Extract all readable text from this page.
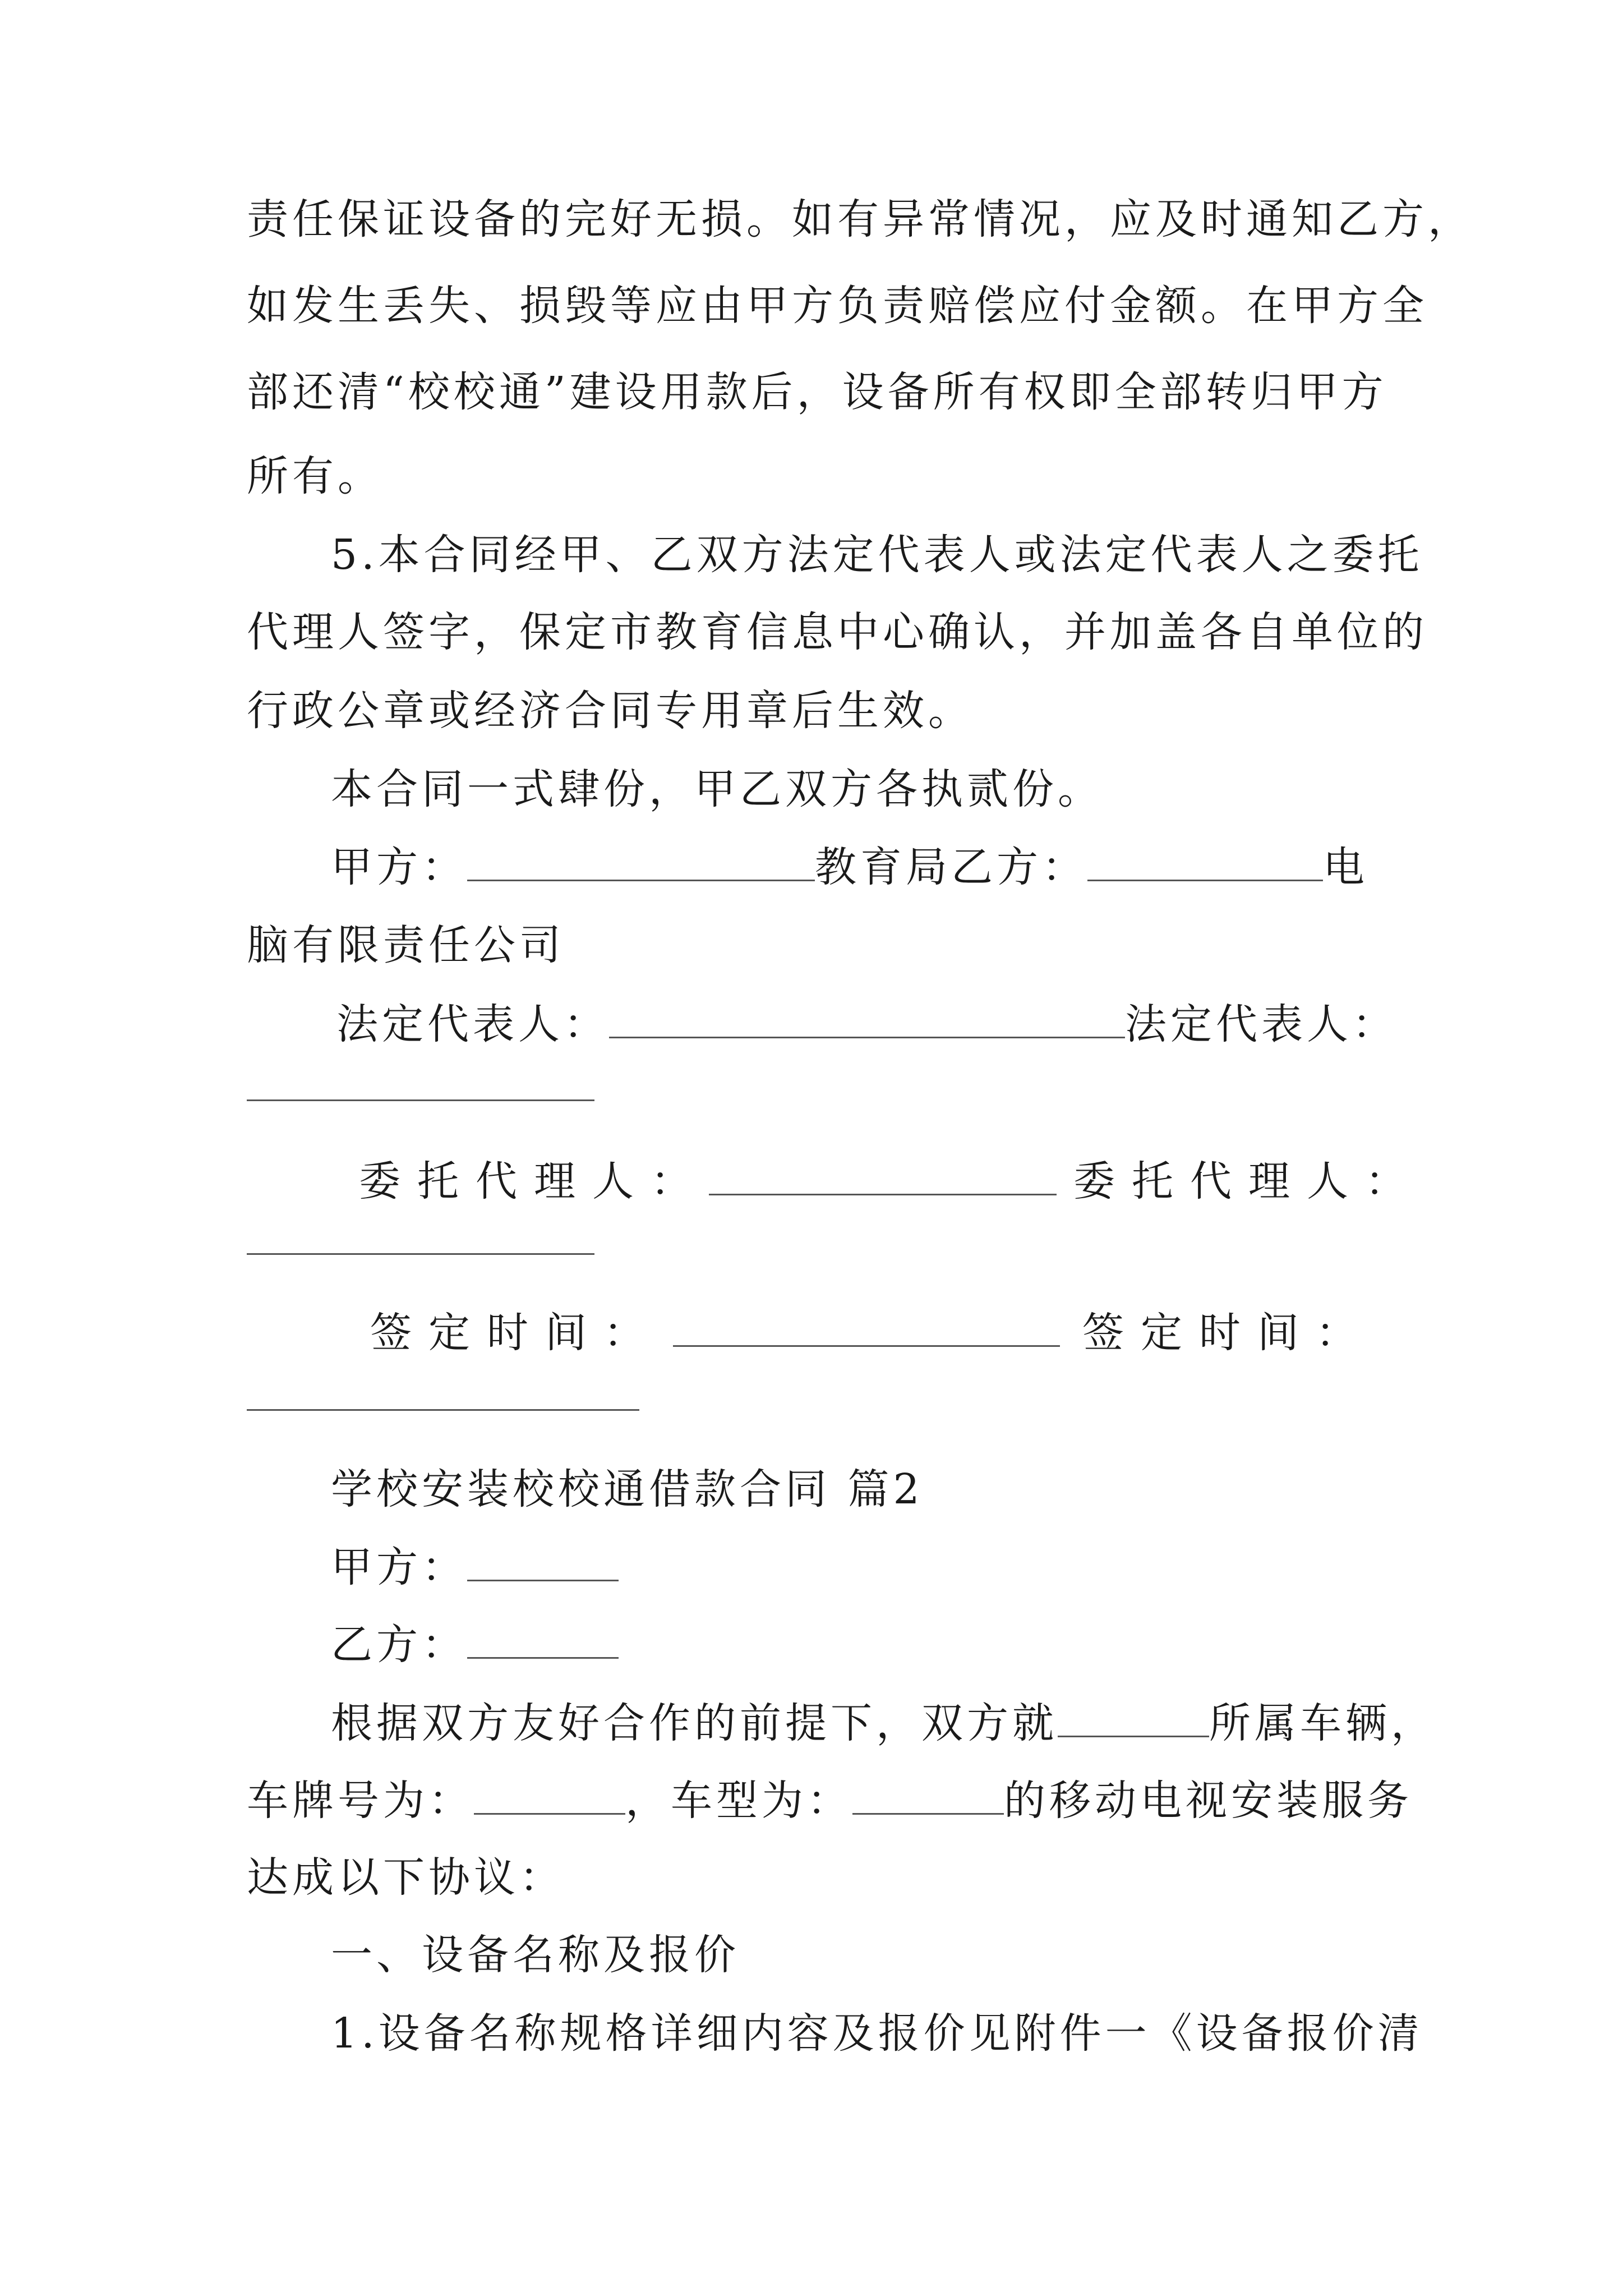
责任保证设备的完好无损。如有异常情况，应及时通知乙方，
如发生丢失、损毁等应由甲方负责赔偿应付金额。在甲方全
部还清“校校通”建设用款后，设备所有权即全部转归甲方
所有。
5.本合同经甲、乙双方法定代表人或法定代表人之委托
代理人签字，保定市教育信息中心确认，并加盖各自单位的
行政公章或经济合同专用章后生效。
本合同一式肆份，甲乙双方各执贰份。
甲方：	教育局乙方：	电
脑有限责任公司
法定代表人：	法定代表人：
委托代理人：	委托代理人：
签定时间：	签定时间：
学校安装校校通借款合同 篇2
甲方：
乙方：
根据双方友好合作的前提下，双方就	所属车辆，
车牌号为：	，车型为：	的移动电视安装服务
达成以下协议：
一、设备名称及报价
1.设备名称规格详细内容及报价见附件一《设备报价清
